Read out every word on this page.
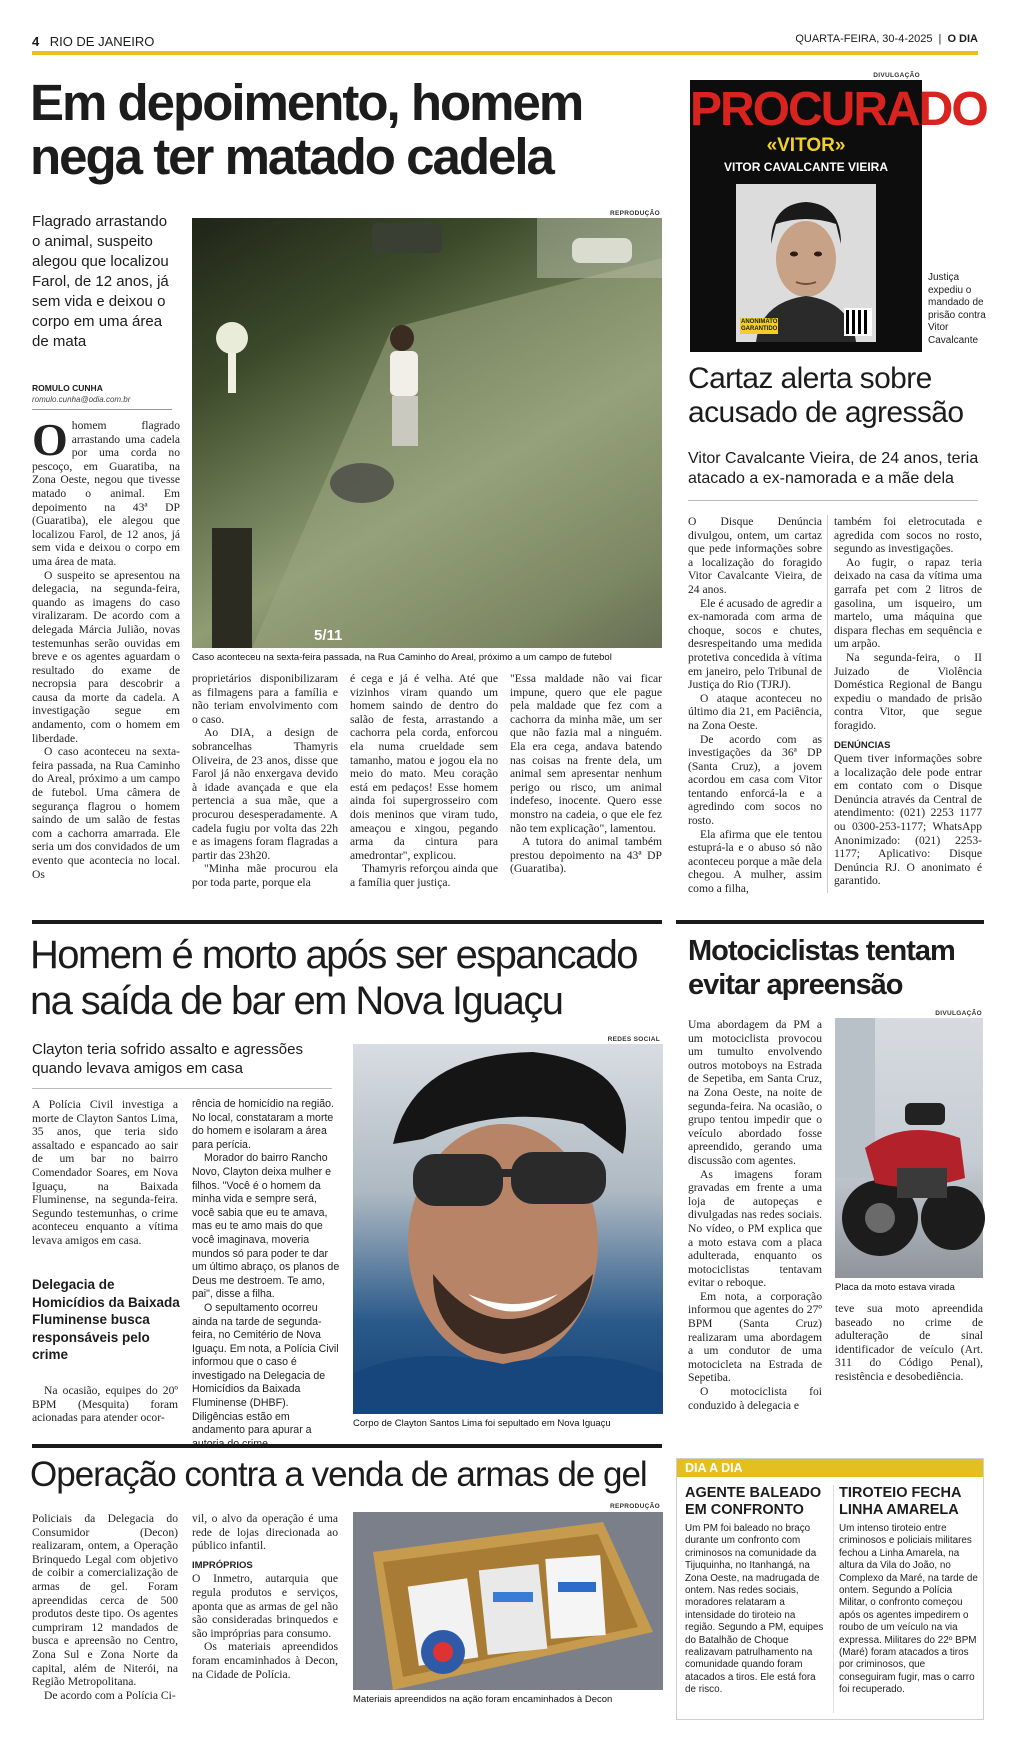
4 RIO DE JANEIRO	QUARTA-FEIRA, 30-4-2025 | O DIA
Em depoimento, homem nega ter matado cadela
Flagrado arrastando o animal, suspeito alegou que localizou Farol, de 12 anos, já sem vida e deixou o corpo em uma área de mata
ROMULO CUNHA
romulo.cunha@odia.com.br
REPRODUÇÃO
5/11
Caso aconteceu na sexta-feira passada, na Rua Caminho do Areal, próximo a um campo de futebol
O homem flagrado arrastando uma cadela por uma corda no pescoço, em Guaratiba, na Zona Oeste, negou que tivesse matado o animal. Em depoimento na 43ª DP (Guaratiba), ele alegou que localizou Farol, de 12 anos, já sem vida e deixou o corpo em uma área de mata.

O suspeito se apresentou na delegacia, na segunda-feira, quando as imagens do caso viralizaram. De acordo com a delegada Márcia Julião, novas testemunhas serão ouvidas em breve e os agentes aguardam o resultado do exame de necropsia para descobrir a causa da morte da cadela. A investigação segue em andamento, com o homem em liberdade.

O caso aconteceu na sexta-feira passada, na Rua Caminho do Areal, próximo a um campo de futebol. Uma câmera de segurança flagrou o homem saindo de um salão de festas com a cachorra amarrada. Ele seria um dos convidados de um evento que acontecia no local. Os

proprietários disponibilizaram as filmagens para a família e não teriam envolvimento com o caso.

Ao DIA, a design de sobrancelhas Thamyris Oliveira, de 23 anos, disse que Farol já não enxergava devido à idade avançada e que ela pertencia a sua mãe, que a procurou desesperadamente. A cadela fugiu por volta das 22h e as imagens foram flagradas a partir das 23h20.

"Minha mãe procurou ela por toda parte, porque ela

é cega e já é velha. Até que vizinhos viram quando um homem saindo de dentro do salão de festa, arrastando a cachorra pela corda, enforcou ela numa crueldade sem tamanho, matou e jogou ela no meio do mato. Meu coração está em pedaços! Esse homem ainda foi supergrosseiro com dois meninos que viram tudo, ameaçou e xingou, pegando arma da cintura para amedrontar", explicou.

Thamyris reforçou ainda que a família quer justiça.

"Essa maldade não vai ficar impune, quero que ele pague pela maldade que fez com a cachorra da minha mãe, um ser que não fazia mal a ninguém. Ela era cega, andava batendo nas coisas na frente dela, um animal sem apresentar nenhum perigo ou risco, um animal indefeso, inocente. Quero esse monstro na cadeia, o que ele fez não tem explicação", lamentou.

A tutora do animal também prestou depoimento na 43ª DP (Guaratiba).

DIVULGAÇÃO
PROCURADO
«VITOR»
VITOR CAVALCANTE VIEIRA
ANONIMATO GARANTIDO
Justiça expediu o mandado de prisão contra Vitor Cavalcante
Cartaz alerta sobre acusado de agressão
Vitor Cavalcante Vieira, de 24 anos, teria atacado a ex-namorada e a mãe dela

O Disque Denúncia divulgou, ontem, um cartaz que pede informações sobre a localização do foragido Vitor Cavalcante Vieira, de 24 anos.

Ele é acusado de agredir a ex-namorada com arma de choque, socos e chutes, desrespeitando uma medida protetiva concedida à vítima em janeiro, pelo Tribunal de Justiça do Rio (TJRJ).

O ataque aconteceu no último dia 21, em Paciência, na Zona Oeste.

De acordo com as investigações da 36ª DP (Santa Cruz), a jovem acordou em casa com Vitor tentando enforcá-la e a agredindo com socos no rosto.

Ela afirma que ele tentou estuprá-la e o abuso só não aconteceu porque a mãe dela chegou. A mulher, assim como a filha,

também foi eletrocutada e agredida com socos no rosto, segundo as investigações.

Ao fugir, o rapaz teria deixado na casa da vítima uma garrafa pet com 2 litros de gasolina, um isqueiro, um martelo, uma máquina que dispara flechas em sequência e um arpão.

Na segunda-feira, o II Juizado de Violência Doméstica Regional de Bangu expediu o mandado de prisão contra Vitor, que segue foragido.

DENÚNCIAS

Quem tiver informações sobre a localização dele pode entrar em contato com o Disque Denúncia através da Central de atendimento: (021) 2253 1177 ou 0300-253-1177; WhatsApp Anonimizado: (021) 2253-1177; Aplicativo: Disque Denúncia RJ. O anonimato é garantido.

Homem é morto após ser espancado na saída de bar em Nova Iguaçu
Clayton teria sofrido assalto e agressões quando levava amigos em casa

A Polícia Civil investiga a morte de Clayton Santos Lima, 35 anos, que teria sido assaltado e espancado ao sair de um bar no bairro Comendador Soares, em Nova Iguaçu, na Baixada Fluminense, na segunda-feira. Segundo testemunhas, o crime aconteceu enquanto a vítima levava amigos em casa.

Delegacia de Homicídios da Baixada Fluminense busca responsáveis pelo crime

Na ocasião, equipes do 20º BPM (Mesquita) foram acionadas para atender ocor-

rência de homicídio na região. No local, constataram a morte do homem e isolaram a área para perícia.

Morador do bairro Rancho Novo, Clayton deixa mulher e filhos. "Você é o homem da minha vida e sempre será, você sabia que eu te amava, mas eu te amo mais do que você imaginava, moveria mundos só para poder te dar um último abraço, os planos de Deus me destroem. Te amo, pai", disse a filha.

O sepultamento ocorreu ainda na tarde de segunda-feira, no Cemitério de Nova Iguaçu. Em nota, a Polícia Civil informou que o caso é investigado na Delegacia de Homicídios da Baixada Fluminense (DHBF). Diligências estão em andamento para apurar a

REDES SOCIAL
Corpo de Clayton Santos Lima foi sepultado em Nova Iguaçu
Motociclistas tentam evitar apreensão

Uma abordagem da PM a um motociclista provocou um tumulto envolvendo outros motoboys na Estrada de Sepetiba, em Santa Cruz, na Zona Oeste, na noite de segunda-feira. Na ocasião, o grupo tentou impedir que o veículo abordado fosse apreendido, gerando uma discussão com agentes.

As imagens foram gravadas em frente a uma loja de autopeças e divulgadas nas redes sociais. No vídeo, o PM explica que a moto estava com a placa adulterada, enquanto os motociclistas tentavam evitar o reboque.

Em nota, a corporação informou que agentes do 27º BPM (Santa Cruz) realizaram uma abordagem a um condutor de uma motocicleta na Estrada de Sepetiba.

O motociclista foi conduzido à delegacia e

DIVULGAÇÃO
Placa da moto estava virada

teve sua moto apreendida baseado no crime de adulteração de sinal identificador de veículo (Art. 311 do Código Penal), resistência e desobediência.

Operação contra a venda de armas de gel

Policiais da Delegacia do Consumidor (Decon) realizaram, ontem, a Operação Brinquedo Legal com objetivo de coibir a comercialização de armas de gel. Foram apreendidas cerca de 500 produtos deste tipo. Os agentes cumpriram 12 mandados de busca e apreensão no Centro, Zona Sul e Zona Norte da capital, além de Niterói, na Região Metropolitana.

De acordo com a Polícia Ci-

vil, o alvo da operação é uma rede de lojas direcionada ao público infantil.

IMPRÓPRIOS

O Inmetro, autarquia que regula produtos e serviços, aponta que as armas de gel não são consideradas brinquedos e são impróprias para consumo.

Os materiais apreendidos foram encaminhados à Decon, na Cidade de Polícia.

REPRODUÇÃO
Materiais apreendidos na ação foram encaminhados à Decon
DIA A DIA
AGENTE BALEADO EM CONFRONTO
Um PM foi baleado no braço durante um confronto com criminosos na comunidade da Tijuquinha, no Itanhangá, na Zona Oeste, na madrugada de ontem. Nas redes sociais, moradores relataram a intensidade do tiroteio na região. Segundo a PM, equipes do Batalhão de Choque realizavam patrulhamento na comunidade quando foram atacados a tiros. Ele está fora de risco.
TIROTEIO FECHA LINHA AMARELA
Um intenso tiroteio entre criminosos e policiais militares fechou a Linha Amarela, na altura da Vila do João, no Complexo da Maré, na tarde de ontem. Segundo a Polícia Militar, o confronto começou após os agentes impedirem o roubo de um veículo na via expressa. Militares do 22º BPM (Maré) foram atacados a tiros por criminosos, que conseguiram fugir, mas o carro foi recuperado.
